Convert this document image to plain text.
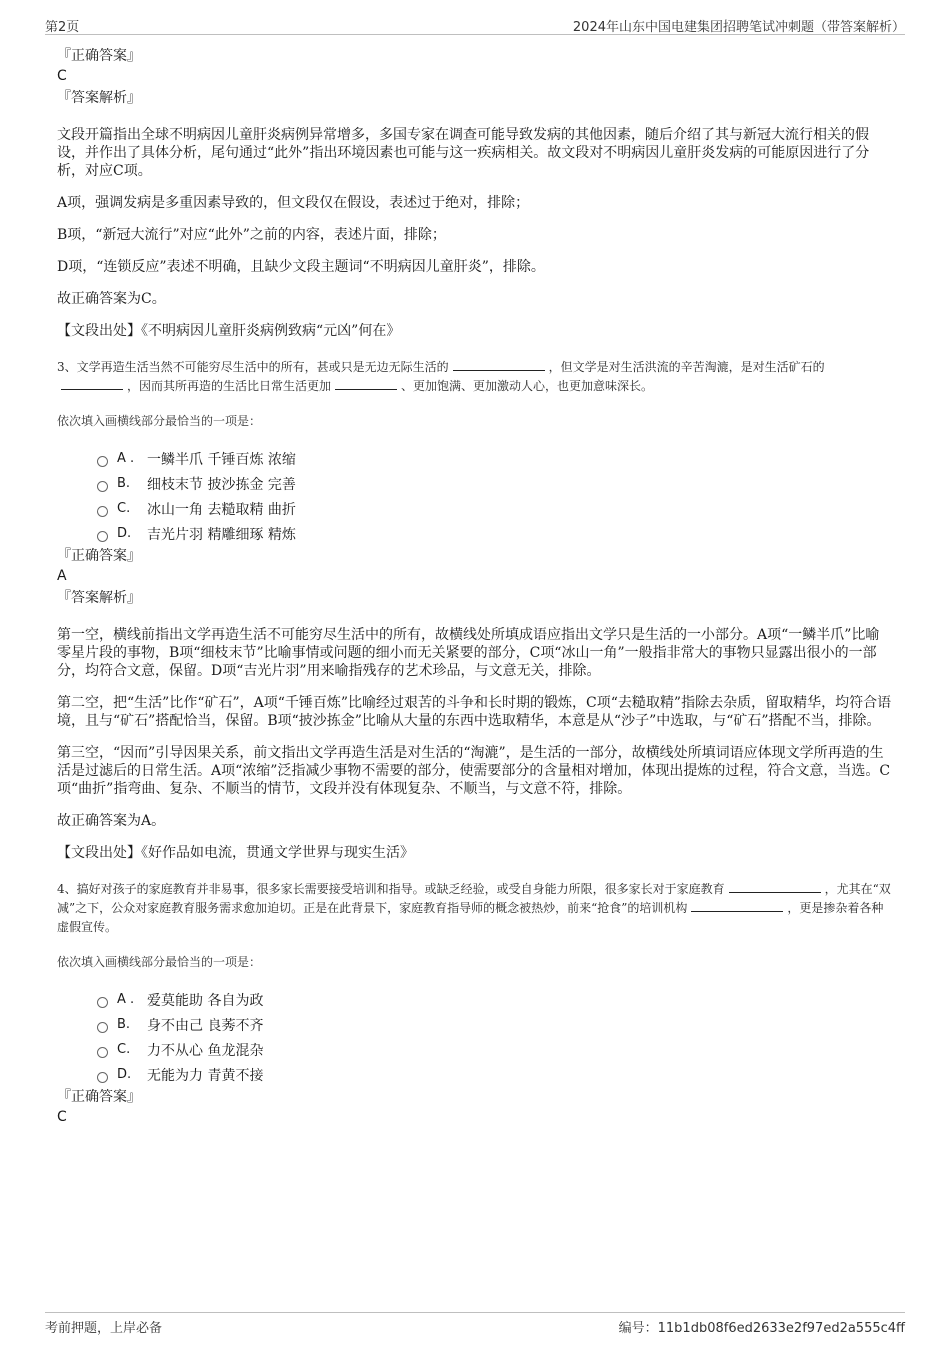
第2页	2024年山东中国电建集团招聘笔试冲刺题（带答案解析）
『正确答案』
C
『答案解析』

文段开篇指出全球不明病因儿童肝炎病例异常增多，多国专家在调查可能导致发病的其他因素，随后介绍了其与新冠大流行相关的假设，并作出了具体分析，尾句通过“此外”指出环境因素也可能与这一疾病相关。故文段对不明病因儿童肝炎发病的可能原因进行了分析，对应C项。

A项，强调发病是多重因素导致的，但文段仅在假设，表述过于绝对，排除；

B项，“新冠大流行”对应“此外”之前的内容，表述片面，排除；

D项，“连锁反应”表述不明确，且缺少文段主题词“不明病因儿童肝炎”，排除。

故正确答案为C。

【文段出处】《不明病因儿童肝炎病例致病“元凶”何在》

3、文学再造生活当然不可能穷尽生活中的所有，甚或只是无边无际生活的	，但文学是对生活洪流的辛苦淘漉，是对生活矿石的，因而其所再造的生活比日常生活更加	、更加饱满、更加激动人心，也更加意味深长。

依次填入画横线部分最恰当的一项是：
A . 一鳞半爪 千锤百炼 浓缩
B.	细枝末节 披沙拣金 完善
C.	冰山一角 去糙取精 曲折
D.	吉光片羽 精雕细琢 精炼
『正确答案』
A
『答案解析』

第一空，横线前指出文学再造生活不可能穷尽生活中的所有，故横线处所填成语应指出文学只是生活的一小部分。A项“一鳞半爪”比喻零星片段的事物，B项“细枝末节”比喻事情或问题的细小而无关紧要的部分，C项“冰山一角”一般指非常大的事物只显露出很小的一部分，均符合文意，保留。D项“吉光片羽”用来喻指残存的艺术珍品，与文意无关，排除。

第二空，把“生活”比作“矿石”，A项“千锤百炼”比喻经过艰苦的斗争和长时期的锻炼，C项“去糙取精”指除去杂质，留取精华，均符合语境，且与“矿石”搭配恰当，保留。B项“披沙拣金”比喻从大量的东西中选取精华，本意是从“沙子”中选取，与“矿石”搭配不当，排除。

第三空，“因而”引导因果关系，前文指出文学再造生活是对生活的“淘漉”，是生活的一部分，故横线处所填词语应体现文学所再造的生活是过滤后的日常生活。A项“浓缩”泛指减少事物不需要的部分，使需要部分的含量相对增加，体现出提炼的过程，符合文意，当选。C项“曲折”指弯曲、复杂、不顺当的情节，文段并没有体现复杂、不顺当，与文意不符，排除。

故正确答案为A。

【文段出处】《好作品如电流，贯通文学世界与现实生活》

4、搞好对孩子的家庭教育并非易事，很多家长需要接受培训和指导。或缺乏经验，或受自身能力所限，很多家长对于家庭教育	，尤其在“双减”之下，公众对家庭教育服务需求愈加迫切。正是在此背景下，家庭教育指导师的概念被热炒，前来“抢食”的培训机构	，更是掺杂着各种虚假宣传。

依次填入画横线部分最恰当的一项是：
A . 爱莫能助 各自为政
B.	身不由己 良莠不齐
C.	力不从心 鱼龙混杂
D.	无能为力 青黄不接
『正确答案』
C
考前押题，上岸必备	编号：11b1db08f6ed2633e2f97ed2a555c4ff
